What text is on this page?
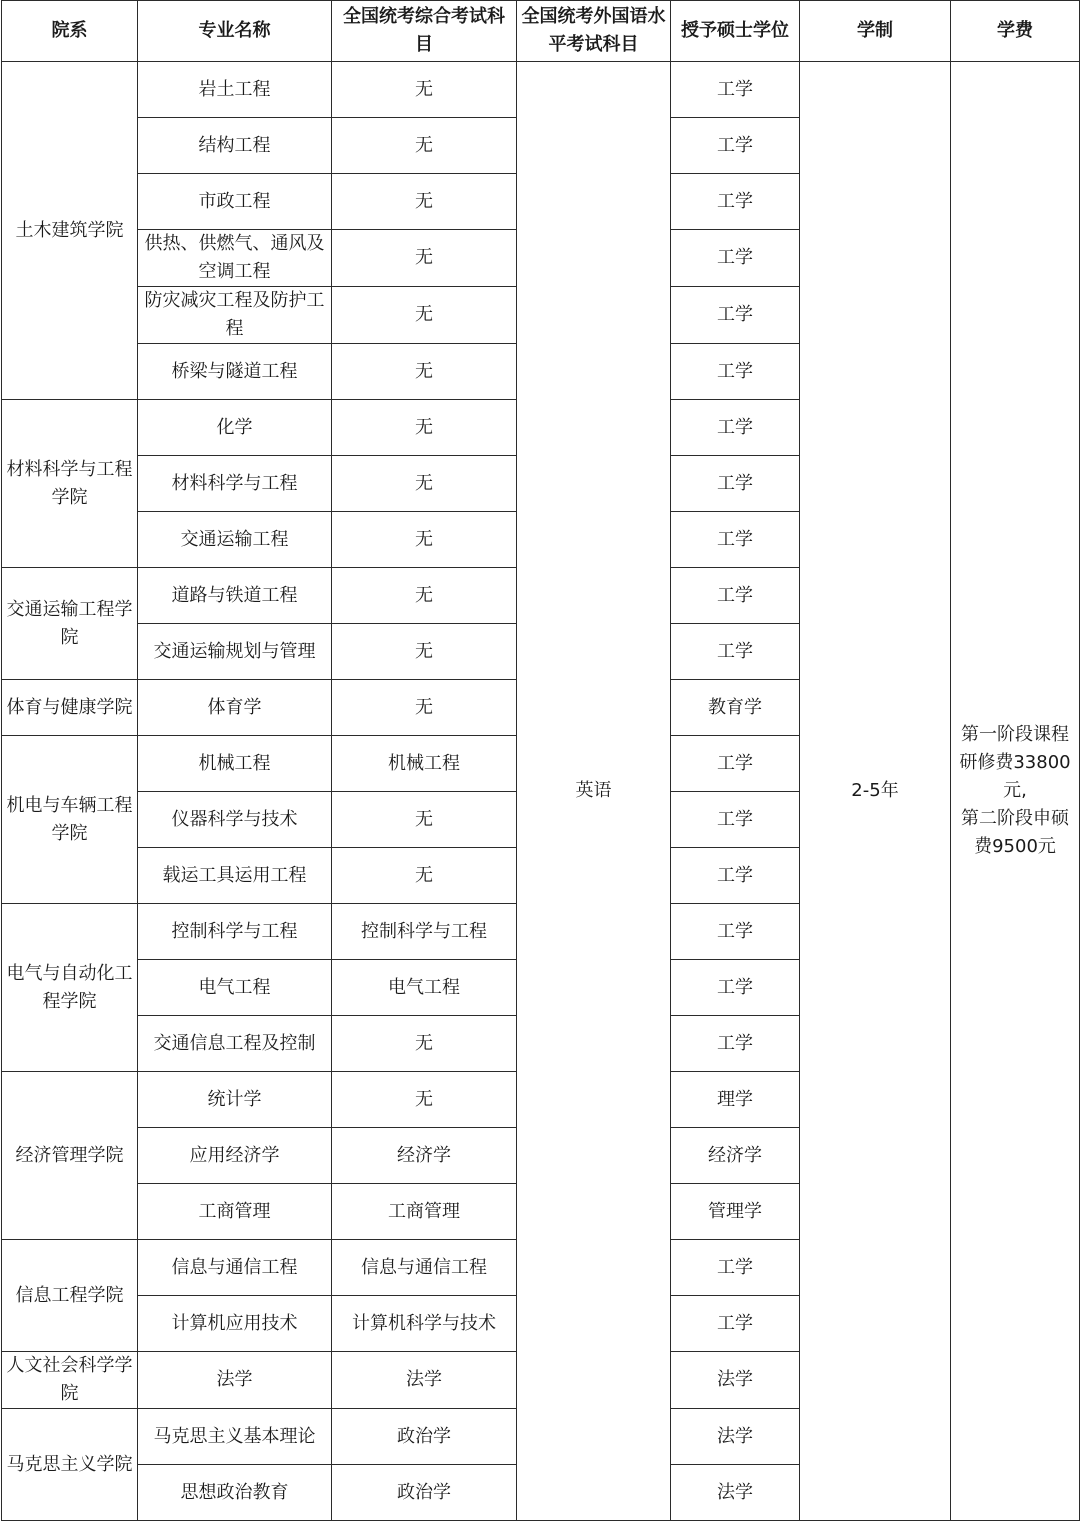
院系	专业名称	全国统考综合考试科目	全国统考外国语水平考试科目	授予硕士学位	学制	学费
土木建筑学院	岩土工程	无	英语	工学	2-5年	第一阶段课程
研修费33800
元,
第二阶段申硕
费9500元
	结构工程	无		工学		
	市政工程	无		工学		
	供热、供燃气、通风及空调工程	无		工学		
	防灾减灾工程及防护工程	无		工学		
	桥梁与隧道工程	无		工学		
材料科学与工程学院	化学	无		工学		
	材料科学与工程	无		工学		
	交通运输工程	无		工学		
交通运输工程学院	道路与铁道工程	无		工学		
	交通运输规划与管理	无		工学		
体育与健康学院	体育学	无		教育学		
机电与车辆工程学院	机械工程	机械工程		工学		
	仪器科学与技术	无		工学		
	载运工具运用工程	无		工学		
电气与自动化工程学院	控制科学与工程	控制科学与工程		工学		
	电气工程	电气工程		工学		
	交通信息工程及控制	无		工学		
经济管理学院	统计学	无		理学		
	应用经济学	经济学		经济学		
	工商管理	工商管理		管理学		
信息工程学院	信息与通信工程	信息与通信工程		工学		
	计算机应用技术	计算机科学与技术		工学		
人文社会科学学院	法学	法学		法学		
马克思主义学院	马克思主义基本理论	政治学		法学		
	思想政治教育	政治学		法学		
